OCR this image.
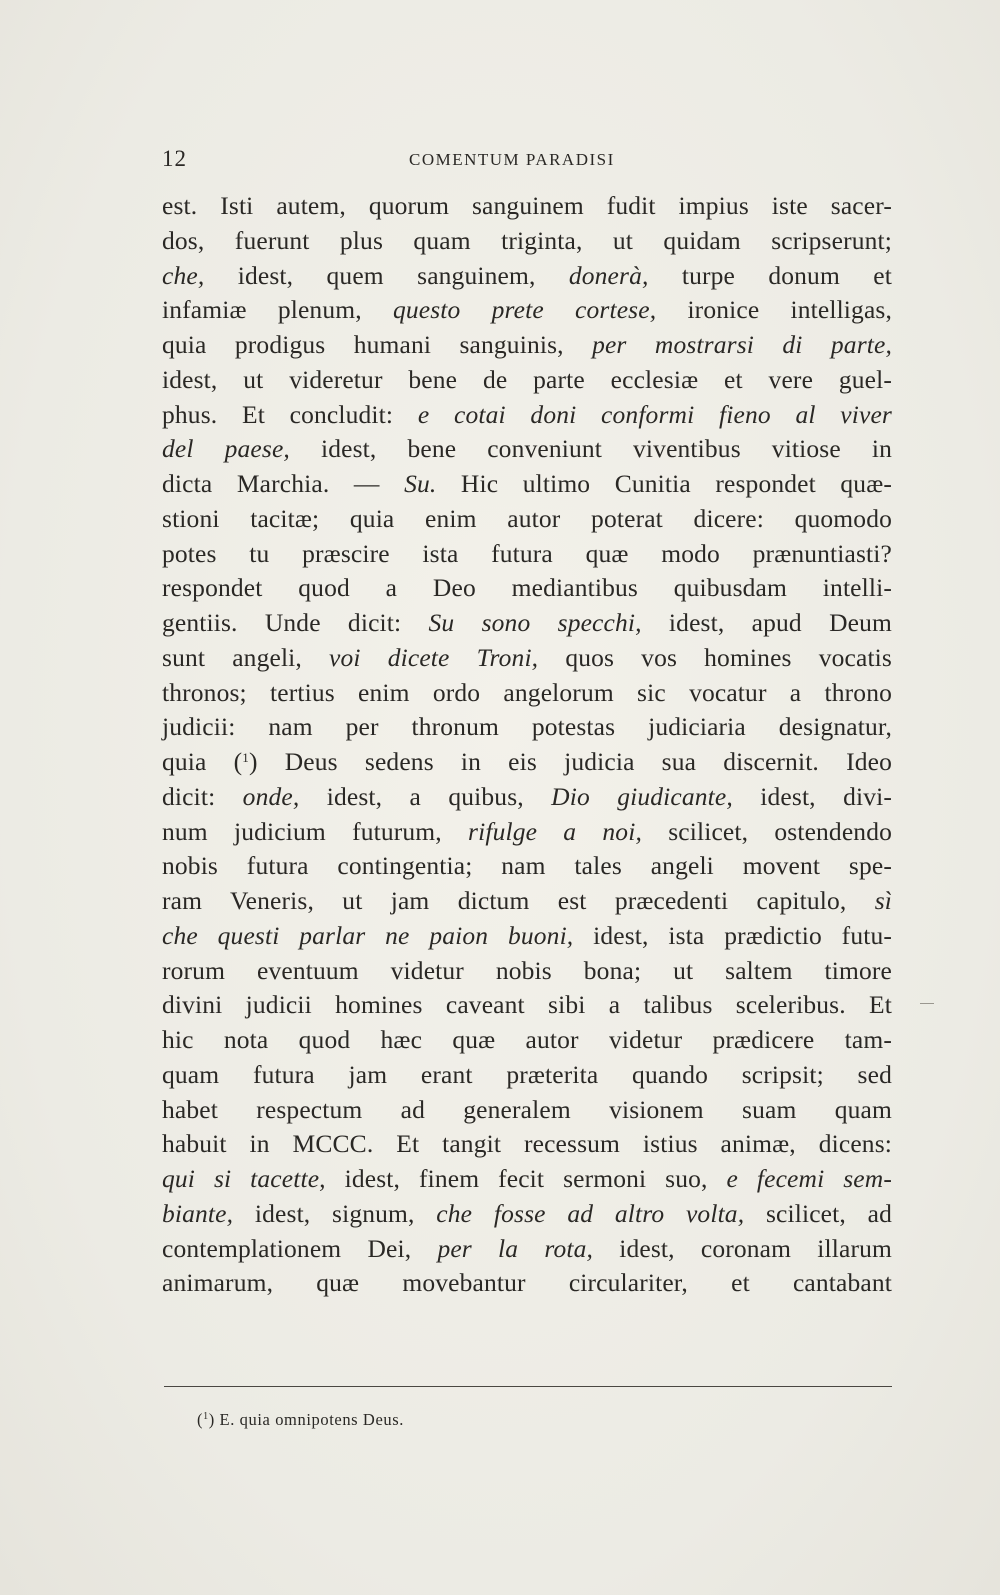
12	COMENTUM PARADISI
est. Isti autem, quorum sanguinem fudit impius iste sacer-
dos, fuerunt plus quam triginta, ut quidam scripserunt;
che, idest, quem sanguinem, donerà, turpe donum et
infamiæ plenum, questo prete cortese, ironice intelligas,
quia prodigus humani sanguinis, per mostrarsi di parte,
idest, ut videretur bene de parte ecclesiæ et vere guel-
phus. Et concludit: e cotai doni conformi fieno al viver
del paese, idest, bene conveniunt viventibus vitiose in
dicta Marchia. — Su. Hic ultimo Cunitia respondet quæ-
stioni tacitæ; quia enim autor poterat dicere: quomodo
potes tu præscire ista futura quæ modo prænuntiasti?
respondet quod a Deo mediantibus quibusdam intelli-
gentiis. Unde dicit: Su sono specchi, idest, apud Deum
sunt angeli, voi dicete Troni, quos vos homines vocatis
thronos; tertius enim ordo angelorum sic vocatur a throno
judicii: nam per thronum potestas judiciaria designatur,
quia ($^1$) Deus sedens in eis judicia sua discernit. Ideo
dicit: onde, idest, a quibus, Dio giudicante, idest, divi-
num judicium futurum, rifulge a noi, scilicet, ostendendo
nobis futura contingentia; nam tales angeli movent spe-
ram Veneris, ut jam dictum est præcedenti capitulo, sì
che questi parlar ne paion buoni, idest, ista prædictio futu-
rorum eventuum videtur nobis bona; ut saltem timore
divini judicii homines caveant sibi a talibus sceleribus. Et
hic nota quod hæc quæ autor videtur prædicere tam-
quam futura jam erant præterita quando scripsit; sed
habet respectum ad generalem visionem suam quam
habuit in MCCC. Et tangit recessum istius animæ, dicens:
qui si tacette, idest, finem fecit sermoni suo, e fecemi sem-
biante, idest, signum, che fosse ad altro volta, scilicet, ad
contemplationem Dei, per la rota, idest, coronam illarum
animarum, quæ movebantur circulariter, et cantabant
($^1$) E. quia omnipotens Deus.
